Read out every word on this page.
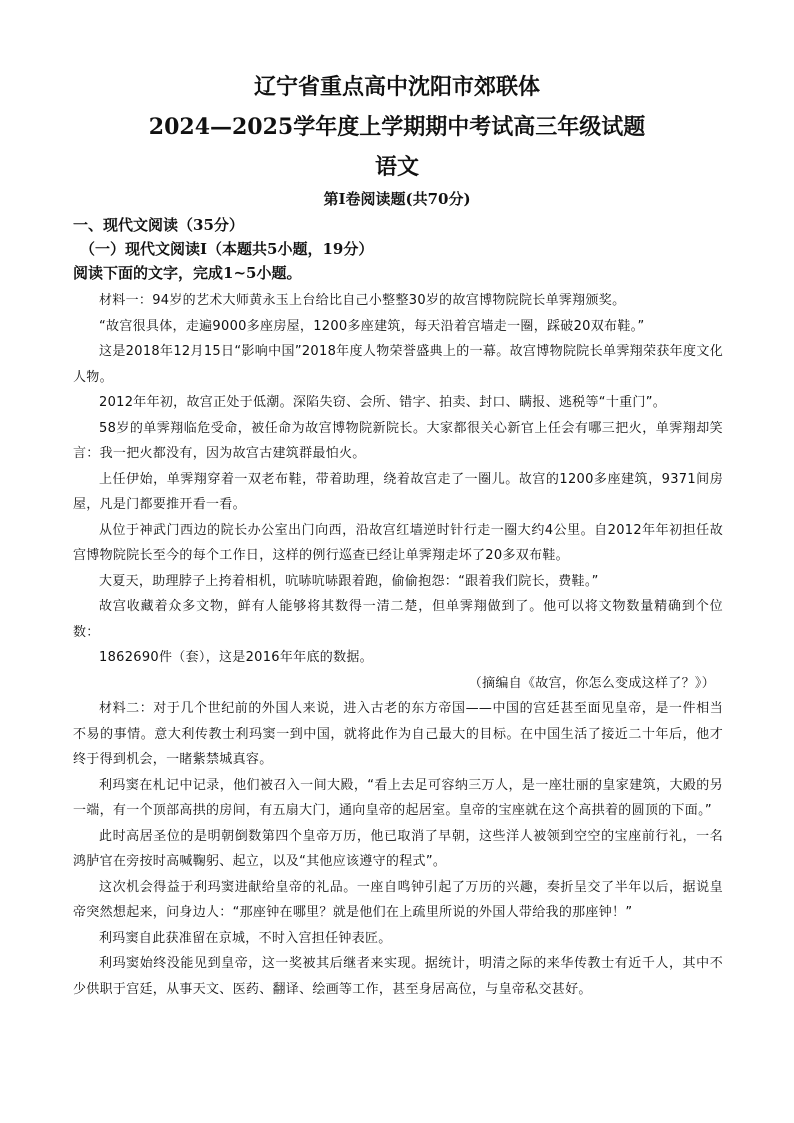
辽宁省重点高中沈阳市郊联体
2024—2025学年度上学期期中考试高三年级试题
语文
第Ⅰ卷阅读题(共70分)
一、现代文阅读（35分）
（一）现代文阅读Ⅰ（本题共5小题，19分）
阅读下面的文字，完成1~5小题。

材料一：94岁的艺术大师黄永玉上台给比自己小整整30岁的故宫博物院院长单霁翔颁奖。

“故宫很具体，走遍9000多座房屋，1200多座建筑，每天沿着宫墙走一圈，踩破20双布鞋。”

这是2018年12月15日“影响中国”2018年度人物荣誉盛典上的一幕。故宫博物院院长单霁翔荣获年度文化人物。

2012年年初，故宫正处于低潮。深陷失窃、会所、错字、拍卖、封口、瞒报、逃税等“十重门”。

58岁的单霁翔临危受命，被任命为故宫博物院新院长。大家都很关心新官上任会有哪三把火，单霁翔却笑言：我一把火都没有，因为故宫古建筑群最怕火。

上任伊始，单霁翔穿着一双老布鞋，带着助理，绕着故宫走了一圈儿。故宫的1200多座建筑，9371间房屋，凡是门都要推开看一看。

从位于神武门西边的院长办公室出门向西，沿故宫红墙逆时针行走一圈大约4公里。自2012年年初担任故宫博物院院长至今的每个工作日，这样的例行巡查已经让单霁翔走坏了20多双布鞋。

大夏天，助理脖子上挎着相机，吭哧吭哧跟着跑，偷偷抱怨：“跟着我们院长，费鞋。”

故宫收藏着众多文物，鲜有人能够将其数得一清二楚，但单霁翔做到了。他可以将文物数量精确到个位数：

1862690件（套），这是2016年年底的数据。

（摘编自《故宫，你怎么变成这样了？》）

材料二：对于几个世纪前的外国人来说，进入古老的东方帝国——中国的宫廷甚至面见皇帝，是一件相当不易的事情。意大利传教士利玛窦一到中国，就将此作为自己最大的目标。在中国生活了接近二十年后，他才终于得到机会，一睹紫禁城真容。

利玛窦在札记中记录，他们被召入一间大殿，“看上去足可容纳三万人，是一座壮丽的皇家建筑，大殿的另一端，有一个顶部高拱的房间，有五扇大门，通向皇帝的起居室。皇帝的宝座就在这个高拱着的圆顶的下面。”

此时高居圣位的是明朝倒数第四个皇帝万历，他已取消了早朝，这些洋人被领到空空的宝座前行礼，一名鸿胪官在旁按时高喊鞠躬、起立，以及“其他应该遵守的程式”。

这次机会得益于利玛窦进献给皇帝的礼品。一座自鸣钟引起了万历的兴趣，奏折呈交了半年以后，据说皇帝突然想起来，问身边人：“那座钟在哪里？就是他们在上疏里所说的外国人带给我的那座钟！”

利玛窦自此获准留在京城，不时入宫担任钟表匠。

利玛窦始终没能见到皇帝，这一奖被其后继者来实现。据统计，明清之际的来华传教士有近千人，其中不少供职于宫廷，从事天文、医药、翻译、绘画等工作，甚至身居高位，与皇帝私交甚好。
